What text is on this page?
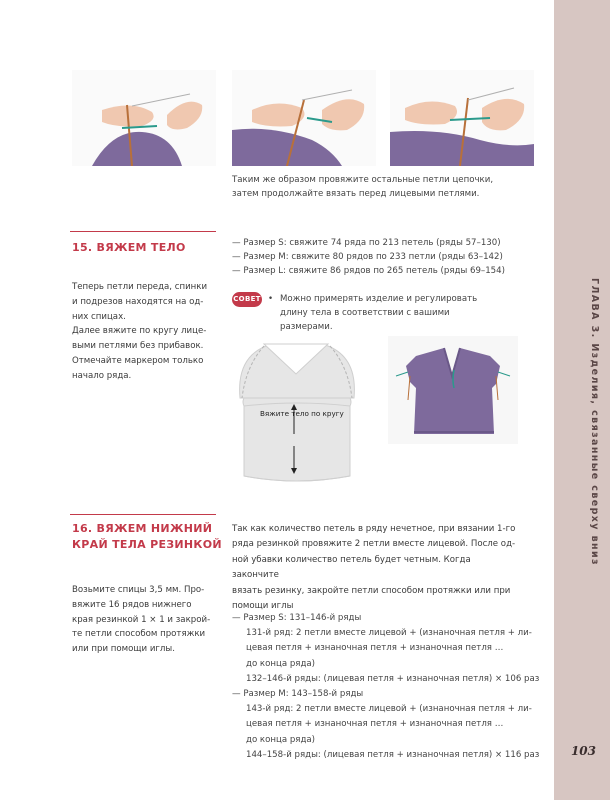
ГЛАВА 3. Изделия, связанные сверху вниз
103
Таким же образом провяжите остальные петли цепочки, затем продолжайте вязать перед лицевыми петлями.
15. ВЯЖЕМ ТЕЛО
Теперь петли переда, спинки
и подрезов находятся на од-
них спицах.
Далее вяжите по кругу лице-
выми петлями без прибавок.
Отмечайте маркером только
начало ряда.
— Размер S: свяжите 74 ряда по 213 петель (ряды 57–130)
— Размер M: свяжите 80 рядов по 233 петли (ряды 63–142)
— Размер L: свяжите 86 рядов по 265 петель (ряды 69–154)
СОВЕТ • Можно примерять изделие и регулировать длину тела в соответствии с вашими размерами.
Вяжите тело по кругу
16. ВЯЖЕМ НИЖНИЙ
КРАЙ ТЕЛА РЕЗИНКОЙ
Возьмите спицы 3,5 мм. Про-
вяжите 16 рядов нижнего
края резинкой 1 × 1 и закрой-
те петли способом протяжки
или при помощи иглы.
Так как количество петель в ряду нечетное, при вязании 1-го
ряда резинкой провяжите 2 петли вместе лицевой. После од-
ной убавки количество петель будет четным. Когда закончите
вязать резинку, закройте петли способом протяжки или при
помощи иглы
— Размер S: 131–146-й ряды
131-й ряд: 2 петли вместе лицевой + (изнаночная петля + ли-
цевая петля + изнаночная петля + изнаночная петля …
до конца ряда)
132–146-й ряды: (лицевая петля + изнаночная петля) × 106 раз
— Размер M: 143–158-й ряды
143-й ряд: 2 петли вместе лицевой + (изнаночная петля + ли-
цевая петля + изнаночная петля + изнаночная петля …
до конца ряда)
144–158-й ряды: (лицевая петля + изнаночная петля) × 116 раз
